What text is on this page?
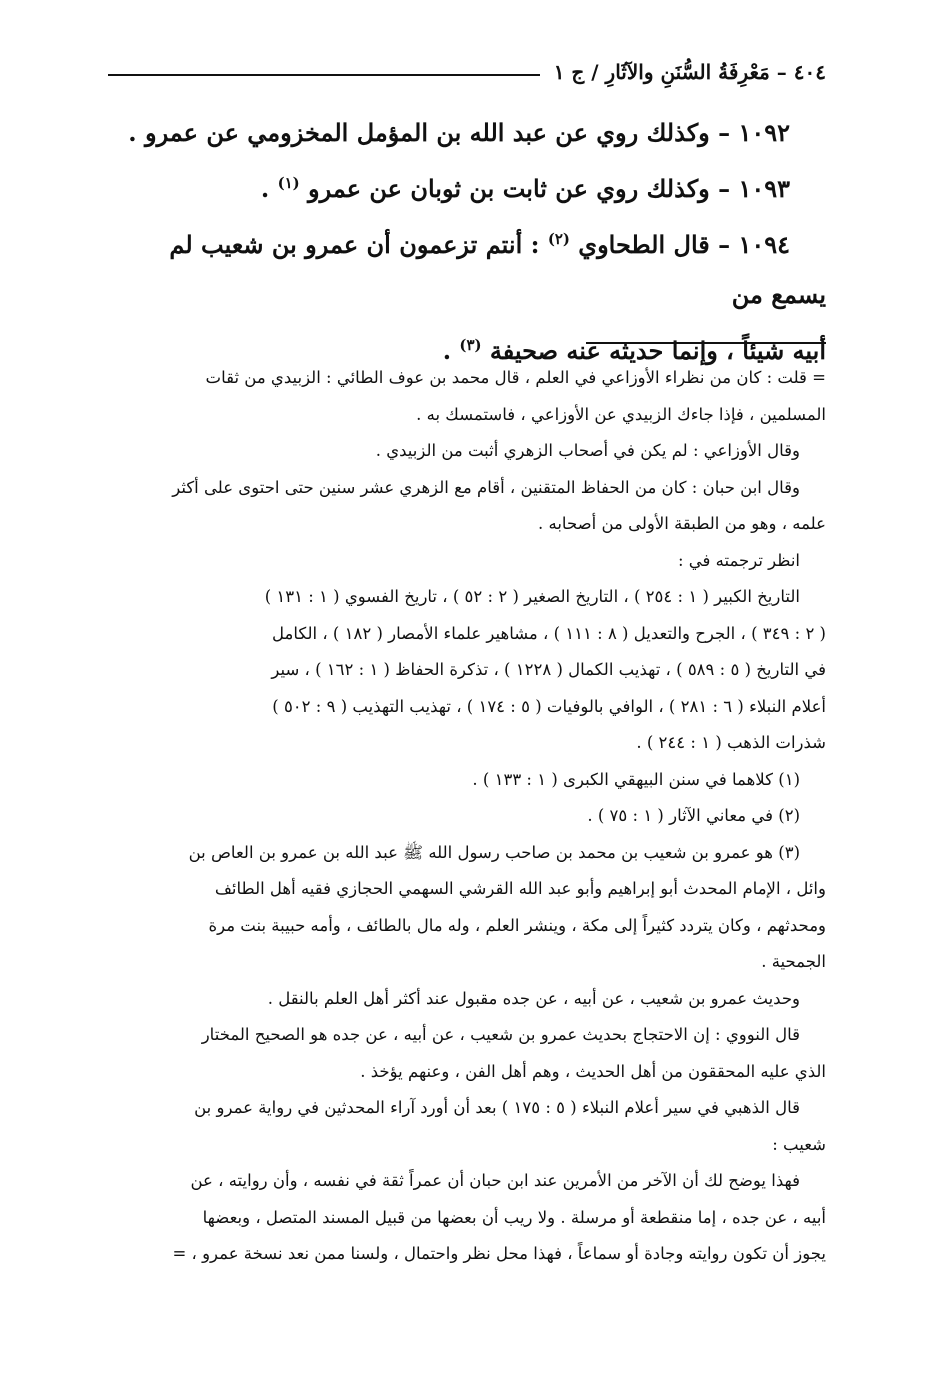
٤٠٤ – مَعْرِفَةُ السُّنَنِ والآثَارِ / ج ١

١٠٩٢ – وكذلك روي عن عبد الله بن المؤمل المخزومي عن عمرو .

١٠٩٣ – وكذلك روي عن ثابت بن ثوبان عن عمرو $^{(١)}$ .

١٠٩٤ – قال الطحاوي $^{(٢)}$ : أنتم تزعمون أن عمرو بن شعيب لم يسمع من

أبيه شيئاً ، وإنما حديثه عنه صحيفة $^{(٣)}$ .

= قلت : كان من نظراء الأوزاعي في العلم ، قال محمد بن عوف الطائي : الزبيدي من ثقات

المسلمين ، فإذا جاءك الزبيدي عن الأوزاعي ، فاستمسك به .

وقال الأوزاعي : لم يكن في أصحاب الزهري أثبت من الزبيدي .

وقال ابن حبان : كان من الحفاظ المتقنين ، أقام مع الزهري عشر سنين حتى احتوى على أكثر

علمه ، وهو من الطبقة الأولى من أصحابه .

انظر ترجمته في :

التاريخ الكبير ( ١ : ٢٥٤ ) ، التاريخ الصغير ( ٢ : ٥٢ ) ، تاريخ الفسوي ( ١ : ١٣١ )

( ٢ : ٣٤٩ ) ، الجرح والتعديل ( ٨ : ١١١ ) ، مشاهير علماء الأمصار ( ١٨٢ ) ، الكامل

في التاريخ ( ٥ : ٥٨٩ ) ، تهذيب الكمال ( ١٢٢٨ ) ، تذكرة الحفاظ ( ١ : ١٦٢ ) ، سير

أعلام النبلاء ( ٦ : ٢٨١ ) ، الوافي بالوفيات ( ٥ : ١٧٤ ) ، تهذيب التهذيب ( ٩ : ٥٠٢ )

شذرات الذهب ( ١ : ٢٤٤ ) .

(١) كلاهما في سنن البيهقي الكبرى ( ١ : ١٣٣ ) .

(٢) في معاني الآثار ( ١ : ٧٥ ) .

(٣) هو عمرو بن شعيب بن محمد بن صاحب رسول الله ﷺ عبد الله بن عمرو بن العاص بن

وائل ، الإمام المحدث أبو إبراهيم وأبو عبد الله القرشي السهمي الحجازي فقيه أهل الطائف

ومحدثهم ، وكان يتردد كثيراً إلى مكة ، وينشر العلم ، وله مال بالطائف ، وأمه حبيبة بنت مرة

الجمحية .

وحديث عمرو بن شعيب ، عن أبيه ، عن جده مقبول عند أكثر أهل العلم بالنقل .

قال النووي : إن الاحتجاج بحديث عمرو بن شعيب ، عن أبيه ، عن جده هو الصحيح المختار

الذي عليه المحققون من أهل الحديث ، وهم أهل الفن ، وعنهم يؤخذ .

قال الذهبي في سير أعلام النبلاء ( ٥ : ١٧٥ ) بعد أن أورد آراء المحدثين في رواية عمرو بن

شعيب :

فهذا يوضح لك أن الآخر من الأمرين عند ابن حبان أن عمراً ثقة في نفسه ، وأن روايته ، عن

أبيه ، عن جده ، إما منقطعة أو مرسلة . ولا ريب أن بعضها من قبيل المسند المتصل ، وبعضها

يجوز أن تكون روايته وجادة أو سماعاً ، فهذا محل نظر واحتمال ، ولسنا ممن نعد نسخة عمرو ، =
